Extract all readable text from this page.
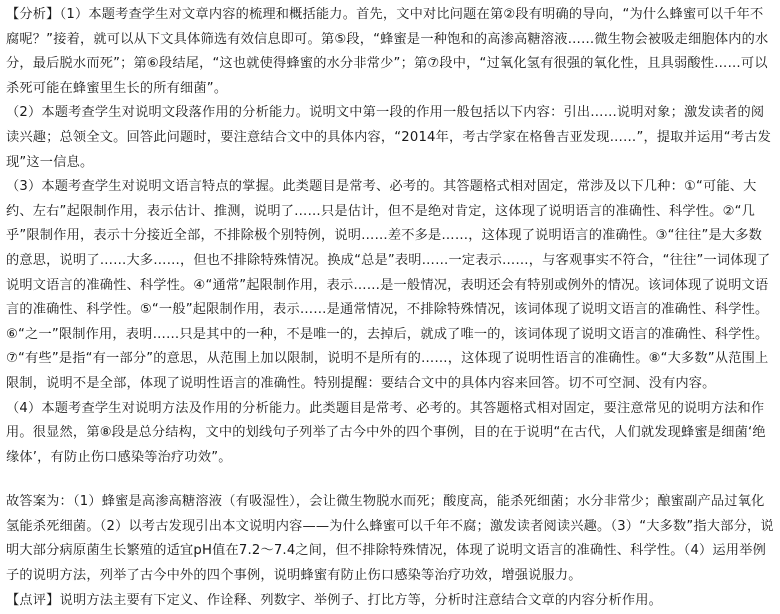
【分析】（1）本题考查学生对文章内容的梳理和概括能力。首先，文中对比问题在第②段有明确的导向，“为什么蜂蜜可以千年不腐呢？”接着，就可以从下文具体筛选有效信息即可。第⑤段，“蜂蜜是一种饱和的高渗高糖溶液……微生物会被吸走细胞体内的水分，最后脱水而死”；第⑥段结尾，“这也就使得蜂蜜的水分非常少”；第⑦段中，“过氧化氢有很强的氧化性，且具弱酸性……可以杀死可能在蜂蜜里生长的所有细菌”。

（2）本题考查学生对说明文段落作用的分析能力。说明文中第一段的作用一般包括以下内容：引出……说明对象；激发读者的阅读兴趣；总领全文。回答此问题时，要注意结合文中的具体内容，“2014年，考古学家在格鲁吉亚发现……”，提取并运用“考古发现”这一信息。

（3）本题考查学生对说明文语言特点的掌握。此类题目是常考、必考的。其答题格式相对固定，常涉及以下几种：①“可能、大约、左右”起限制作用，表示估计、推测，说明了……只是估计，但不是绝对肯定，这体现了说明语言的准确性、科学性。②“几乎”限制作用，表示十分接近全部，不排除极个别特例，说明……差不多是……，这体现了说明语言的准确性。③“往往”是大多数的意思，说明了……大多……，但也不排除特殊情况。换成“总是”表明……一定表示……，与客观事实不符合，“往往”一词体现了说明文语言的准确性、科学性。④“通常”起限制作用，表示……是一般情况，表明还会有特别或例外的情况。该词体现了说明文语言的准确性、科学性。⑤“一般”起限制作用，表示……是通常情况，不排除特殊情况，该词体现了说明文语言的准确性、科学性。⑥“之一”限制作用，表明……只是其中的一种，不是唯一的，去掉后，就成了唯一的，该词体现了说明文语言的准确性、科学性。⑦“有些”是指“有一部分”的意思，从范围上加以限制，说明不是所有的……，这体现了说明性语言的准确性。⑧“大多数”从范围上限制，说明不是全部，体现了说明性语言的准确性。特别提醒：要结合文中的具体内容来回答。切不可空洞、没有内容。

（4）本题考查学生对说明方法及作用的分析能力。此类题目是常考、必考的。其答题格式相对固定，要注意常见的说明方法和作用。很显然，第⑧段是总分结构，文中的划线句子列举了古今中外的四个事例，目的在于说明“在古代，人们就发现蜂蜜是细菌‘绝缘体’，有防止伤口感染等治疗功效”。

故答案为：（1）蜂蜜是高渗高糖溶液（有吸湿性），会让微生物脱水而死；酸度高，能杀死细菌；水分非常少；酿蜜副产品过氧化氢能杀死细菌。（2）以考古发现引出本文说明内容——为什么蜂蜜可以千年不腐；激发读者阅读兴趣。（3）“大多数”指大部分，说明大部分病原菌生长繁殖的适宜pH值在7.2～7.4之间，但不排除特殊情况，体现了说明文语言的准确性、科学性。（4）运用举例子的说明方法，列举了古今中外的四个事例，说明蜂蜜有防止伤口感染等治疗功效，增强说服力。

【点评】说明方法主要有下定义、作诠释、列数字、举例子、打比方等，分析时注意结合文章的内容分析作用。
